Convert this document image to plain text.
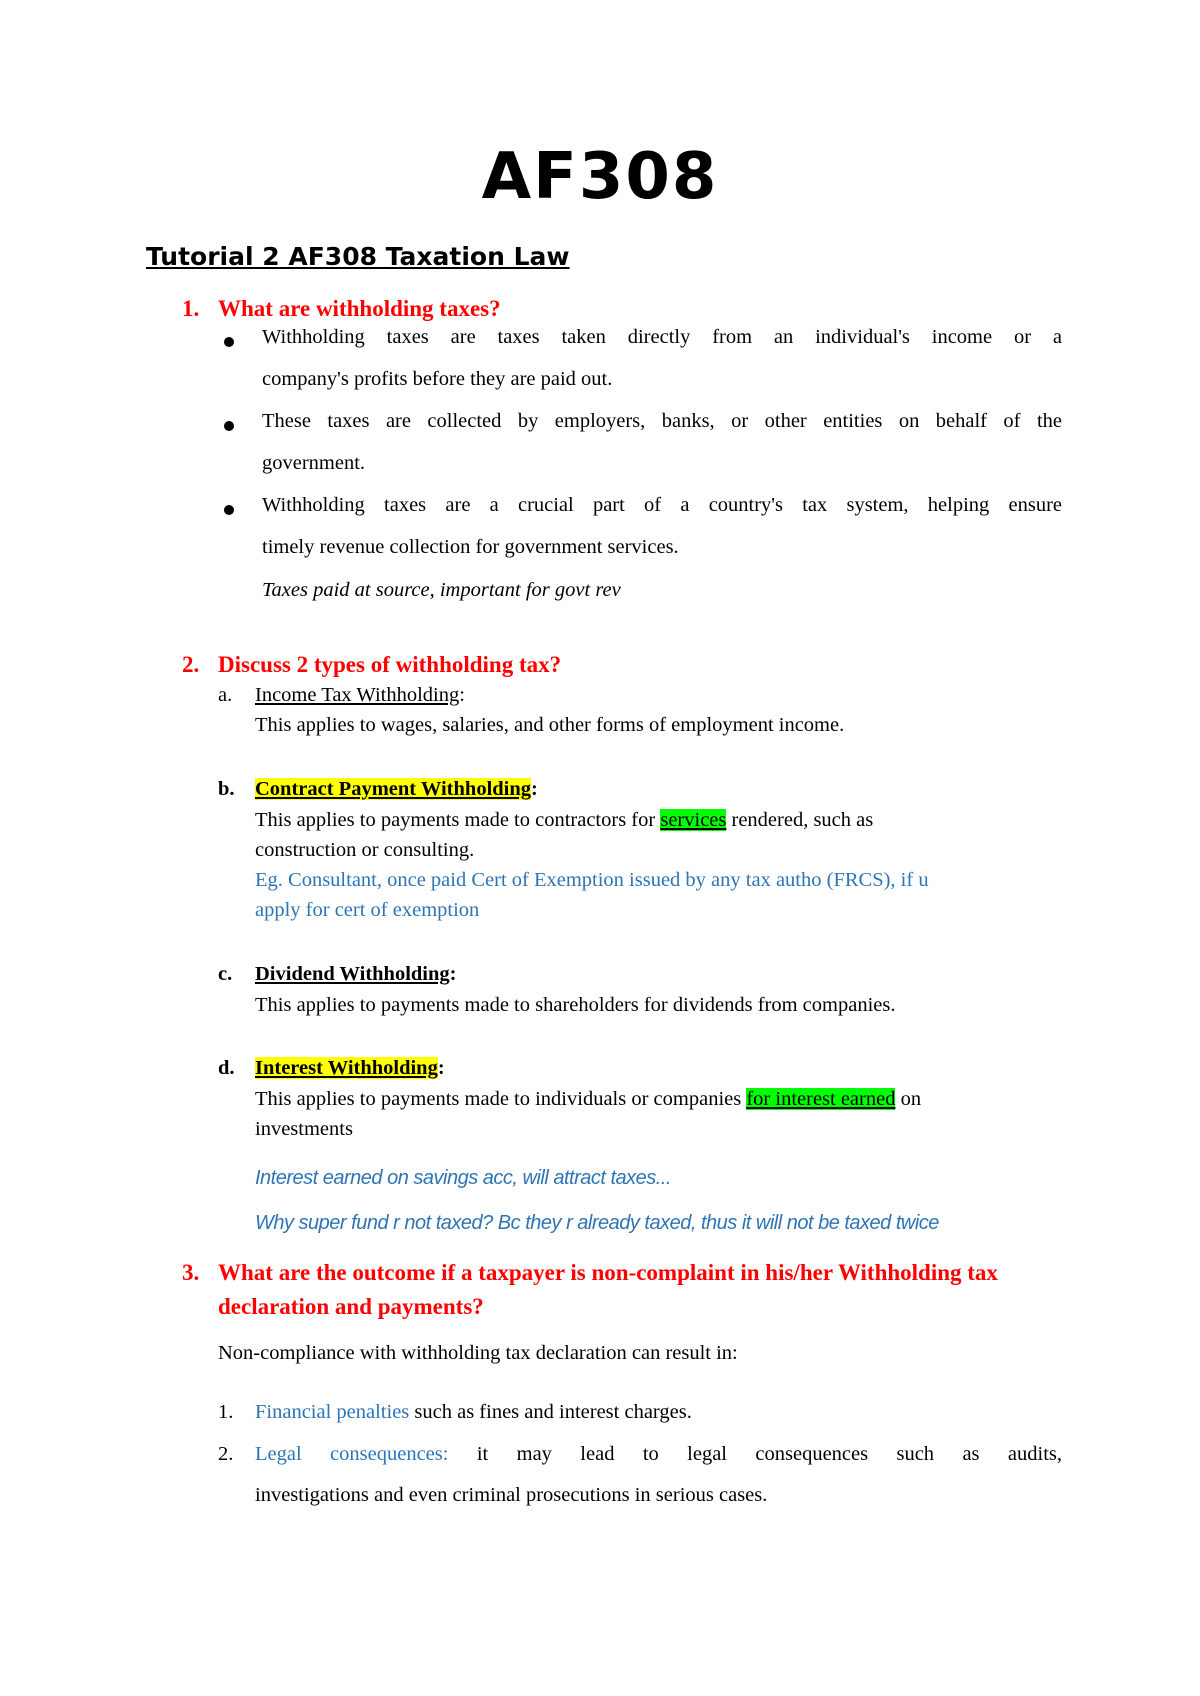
AF308
Tutorial 2 AF308 Taxation Law
1. What are withholding taxes?
Withholding taxes are taxes taken directly from an individual's income or a
company's profits before they are paid out.
These taxes are collected by employers, banks, or other entities on behalf of the
government.
Withholding taxes are a crucial part of a country's tax system, helping ensure
timely revenue collection for government services.
Taxes paid at source, important for govt rev
2. Discuss 2 types of withholding tax?
a. Income Tax Withholding:
This applies to wages, salaries, and other forms of employment income.
b. Contract Payment Withholding:
This applies to payments made to contractors for services rendered, such as
construction or consulting.
Eg. Consultant, once paid Cert of Exemption issued by any tax autho (FRCS), if u
apply for cert of exemption
c. Dividend Withholding:
This applies to payments made to shareholders for dividends from companies.
d. Interest Withholding:
This applies to payments made to individuals or companies for interest earned on
investments
Interest earned on savings acc, will attract taxes...
Why super fund r not taxed? Bc they r already taxed, thus it will not be taxed twice
3. What are the outcome if a taxpayer is non-complaint in his/her Withholding tax
declaration and payments?
Non-compliance with withholding tax declaration can result in:
1. Financial penalties such as fines and interest charges.
2. Legal consequences: it may lead to legal consequences such as audits,
investigations and even criminal prosecutions in serious cases.
